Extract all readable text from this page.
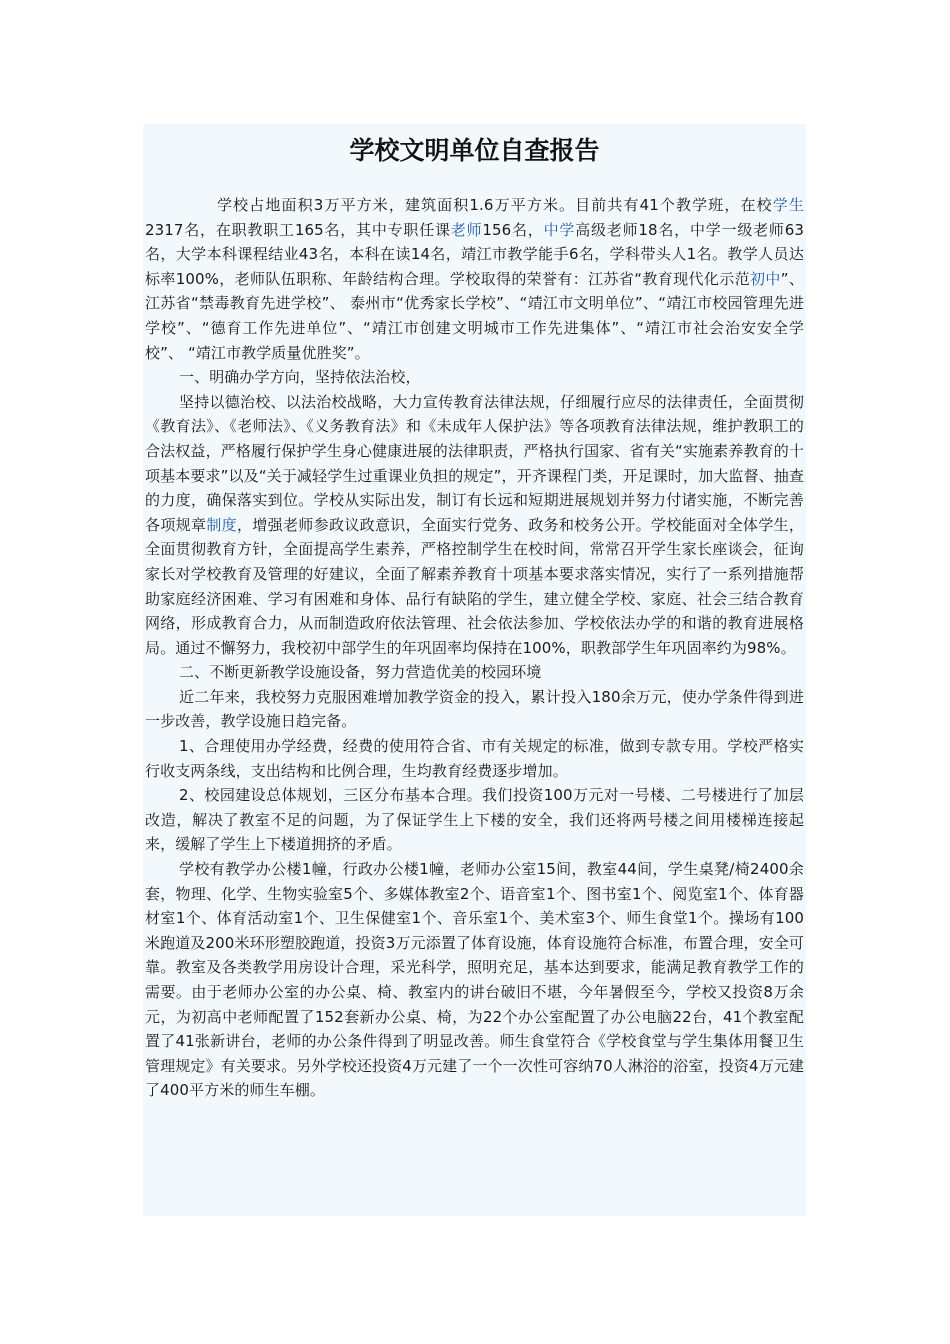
学校文明单位自查报告

学校占地面积3万平方米，建筑面积1.6万平方米。目前共有41个教学班，在校学生2317名，在职教职工165名，其中专职任课老师156名，中学高级老师18名，中学一级老师63名，大学本科课程结业43名，本科在读14名，靖江市教学能手6名，学科带头人1名。教学人员达标率100%，老师队伍职称、年龄结构合理。学校取得的荣誉有：江苏省“教育现代化示范初中”、江苏省“禁毒教育先进学校”、 泰州市“优秀家长学校”、“靖江市文明单位”、“靖江市校园管理先进学校”、“德育工作先进单位”、“靖江市创建文明城市工作先进集体”、“靖江市社会治安安全学校”、 “靖江市教学质量优胜奖”。

一、明确办学方向，坚持依法治校，

坚持以德治校、以法治校战略，大力宣传教育法律法规，仔细履行应尽的法律责任，全面贯彻《教育法》、《老师法》、《义务教育法》和《未成年人保护法》等各项教育法律法规，维护教职工的合法权益，严格履行保护学生身心健康进展的法律职责，严格执行国家、省有关“实施素养教育的十项基本要求”以及“关于减轻学生过重课业负担的规定”，开齐课程门类，开足课时，加大监督、抽查的力度，确保落实到位。学校从实际出发，制订有长远和短期进展规划并努力付诸实施，不断完善各项规章制度，增强老师参政议政意识，全面实行党务、政务和校务公开。学校能面对全体学生，全面贯彻教育方针，全面提高学生素养，严格控制学生在校时间，常常召开学生家长座谈会，征询家长对学校教育及管理的好建议，全面了解素养教育十项基本要求落实情况，实行了一系列措施帮助家庭经济困难、学习有困难和身体、品行有缺陷的学生，建立健全学校、家庭、社会三结合教育网络，形成教育合力，从而制造政府依法管理、社会依法参加、学校依法办学的和谐的教育进展格局。通过不懈努力，我校初中部学生的年巩固率均保持在100%，职教部学生年巩固率约为98%。

二、不断更新教学设施设备，努力营造优美的校园环境

近二年来，我校努力克服困难增加教学资金的投入，累计投入180余万元，使办学条件得到进一步改善，教学设施日趋完备。

1、合理使用办学经费，经费的使用符合省、市有关规定的标准，做到专款专用。学校严格实行收支两条线，支出结构和比例合理，生均教育经费逐步增加。

2、校园建设总体规划，三区分布基本合理。我们投资100万元对一号楼、二号楼进行了加层改造，解决了教室不足的问题，为了保证学生上下楼的安全，我们还将两号楼之间用楼梯连接起来，缓解了学生上下楼道拥挤的矛盾。

学校有教学办公楼1幢，行政办公楼1幢，老师办公室15间，教室44间，学生桌凳/椅2400余套，物理、化学、生物实验室5个、多媒体教室2个、语音室1个、图书室1个、阅览室1个、体育器材室1个、体育活动室1个、卫生保健室1个、音乐室1个、美术室3个、师生食堂1个。操场有100米跑道及200米环形塑胶跑道，投资3万元添置了体育设施，体育设施符合标准，布置合理，安全可靠。教室及各类教学用房设计合理，采光科学，照明充足，基本达到要求，能满足教育教学工作的需要。由于老师办公室的办公桌、椅、教室内的讲台破旧不堪，今年暑假至今，学校又投资8万余元，为初高中老师配置了152套新办公桌、椅，为22个办公室配置了办公电脑22台，41个教室配置了41张新讲台，老师的办公条件得到了明显改善。师生食堂符合《学校食堂与学生集体用餐卫生管理规定》有关要求。另外学校还投资4万元建了一个一次性可容纳70人淋浴的浴室，投资4万元建了400平方米的师生车棚。
